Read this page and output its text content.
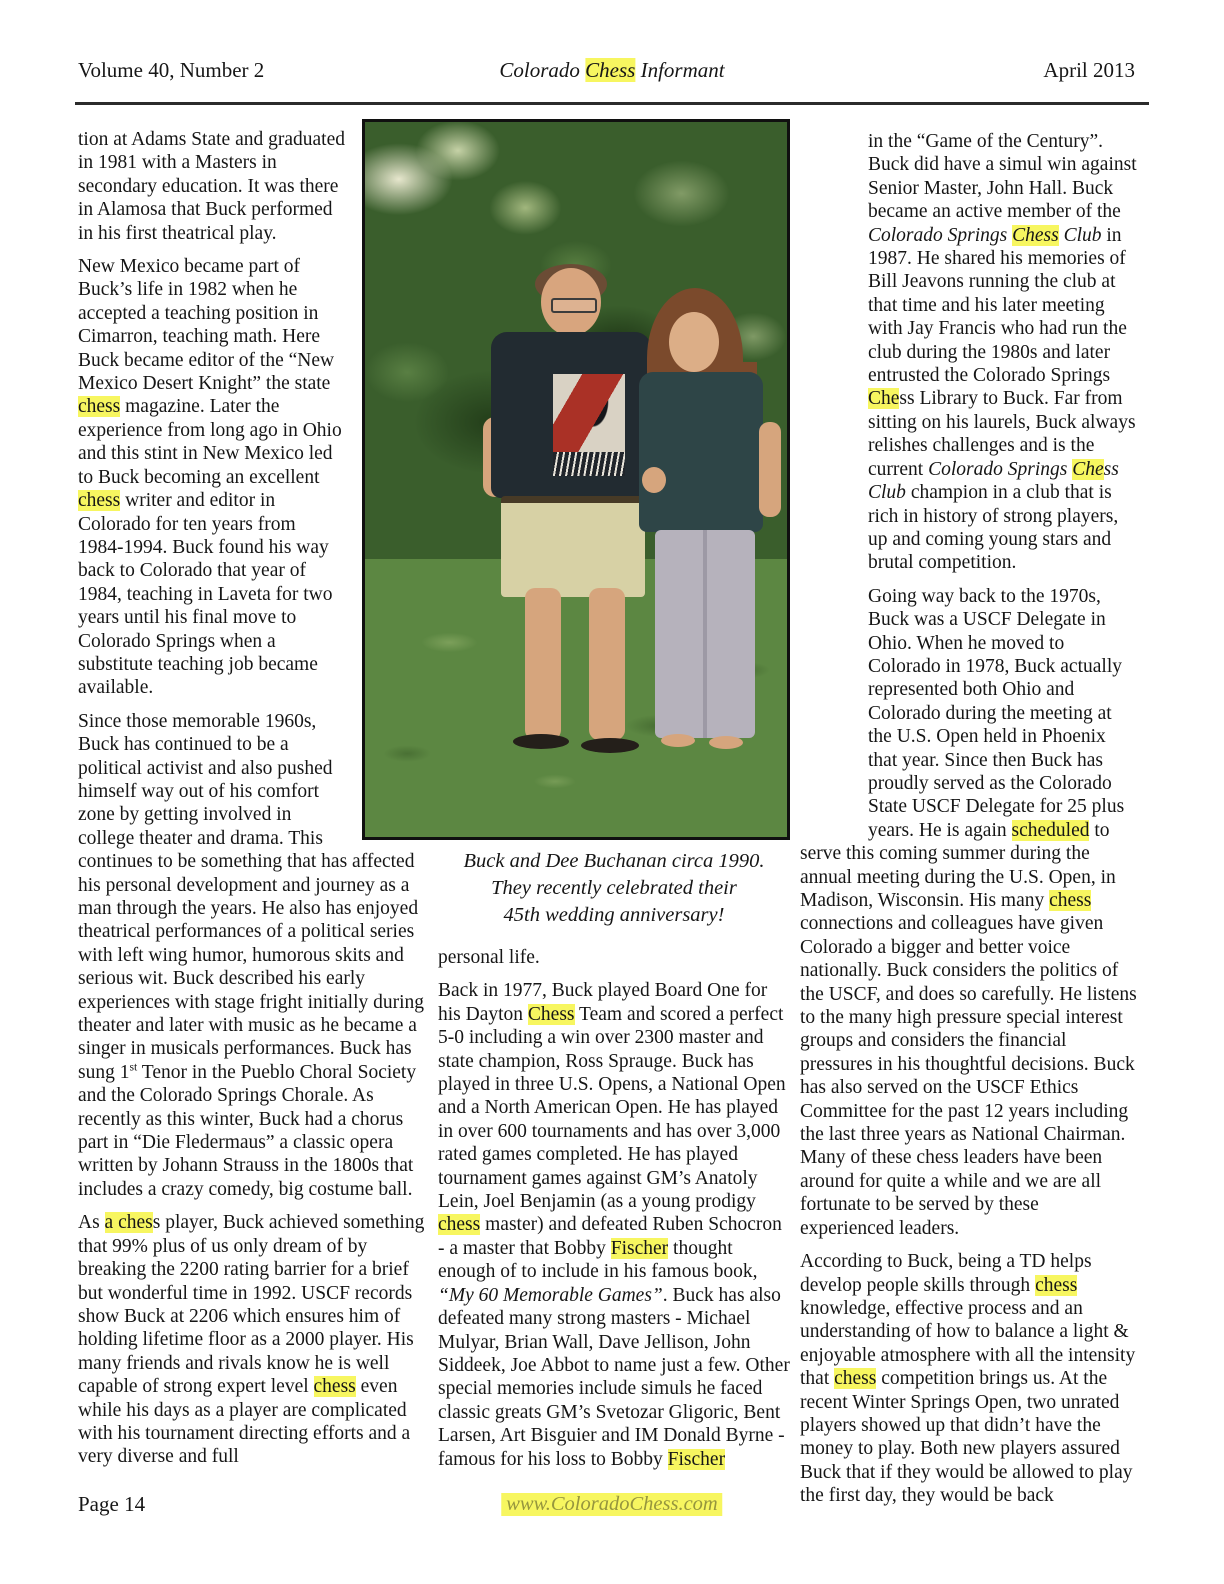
Volume 40, Number 2	Colorado Chess Informant	April 2013

tion at Adams State and graduated in 1981 with a Masters in secondary education. It was there in Alamosa that Buck performed in his first theatrical play.

New Mexico became part of Buck’s life in 1982 when he accepted a teaching position in Cimarron, teaching math. Here Buck became editor of the “New Mexico Desert Knight” the state chess magazine. Later the experience from long ago in Ohio and this stint in New Mexico led to Buck becoming an excellent chess writer and editor in Colorado for ten years from 1984-1994. Buck found his way back to Colorado that year of 1984, teaching in Laveta for two years until his final move to Colorado Springs when a substitute teaching job became available.

Since those memorable 1960s, Buck has continued to be a political activist and also pushed himself way out of his comfort zone by getting involved in college theater and drama. This continues to be something that has affected his personal development and journey as a man through the years. He also has enjoyed theatrical performances of a political series with left wing humor, humorous skits and serious wit. Buck described his early experiences with stage fright initially during theater and later with music as he became a singer in musicals performances. Buck has sung 1st Tenor in the Pueblo Choral Society and the Colorado Springs Chorale. As recently as this winter, Buck had a chorus part in “Die Fledermaus” a classic opera written by Johann Strauss in the 1800s that includes a crazy comedy, big costume ball.

As a chess player, Buck achieved something that 99% plus of us only dream of by breaking the 2200 rating barrier for a brief but wonderful time in 1992. USCF records show Buck at 2206 which ensures him of holding lifetime floor as a 2000 player. His many friends and rivals know he is well capable of strong expert level chess even while his days as a player are complicated with his tournament directing efforts and a very diverse and full

Buck and Dee Buchanan circa 1990.
They recently celebrated their
45th wedding anniversary!

personal life.

Back in 1977, Buck played Board One for his Dayton Chess Team and scored a perfect 5-0 including a win over 2300 master and state champion, Ross Sprauge. Buck has played in three U.S. Opens, a National Open and a North American Open. He has played in over 600 tournaments and has over 3,000 rated games completed. He has played tournament games against GM’s Anatoly Lein, Joel Benjamin (as a young prodigy chess master) and defeated Ruben Schocron - a master that Bobby Fischer thought enough of to include in his famous book, “My 60 Memorable Games”. Buck has also defeated many strong masters - Michael Mulyar, Brian Wall, Dave Jellison, John Siddeek, Joe Abbot to name just a few. Other special memories include simuls he faced classic greats GM’s Svetozar Gligoric, Bent Larsen, Art Bisguier and IM Donald Byrne - famous for his loss to Bobby Fischer

in the “Game of the Century”. Buck did have a simul win against Senior Master, John Hall. Buck became an active member of the Colorado Springs Chess Club in 1987. He shared his memories of Bill Jeavons running the club at that time and his later meeting with Jay Francis who had run the club during the 1980s and later entrusted the Colorado Springs Chess Library to Buck. Far from sitting on his laurels, Buck always relishes challenges and is the current Colorado Springs Chess Club champion in a club that is rich in history of strong players, up and coming young stars and brutal competition.

Going way back to the 1970s, Buck was a USCF Delegate in Ohio. When he moved to Colorado in 1978, Buck actually represented both Ohio and Colorado during the meeting at the U.S. Open held in Phoenix that year. Since then Buck has proudly served as the Colorado State USCF Delegate for 25 plus years. He is again scheduled to serve this coming summer during the annual meeting during the U.S. Open, in Madison, Wisconsin. His many chess connections and colleagues have given Colorado a bigger and better voice nationally. Buck considers the politics of the USCF, and does so carefully. He listens to the many high pressure special interest groups and considers the financial pressures in his thoughtful decisions. Buck has also served on the USCF Ethics Committee for the past 12 years including the last three years as National Chairman. Many of these chess leaders have been around for quite a while and we are all fortunate to be served by these experienced leaders.

According to Buck, being a TD helps develop people skills through chess knowledge, effective process and an understanding of how to balance a light & enjoyable atmosphere with all the intensity that chess competition brings us. At the recent Winter Springs Open, two unrated players showed up that didn’t have the money to play. Both new players assured Buck that if they would be allowed to play the first day, they would be back

Page 14	www.ColoradoChess.com
